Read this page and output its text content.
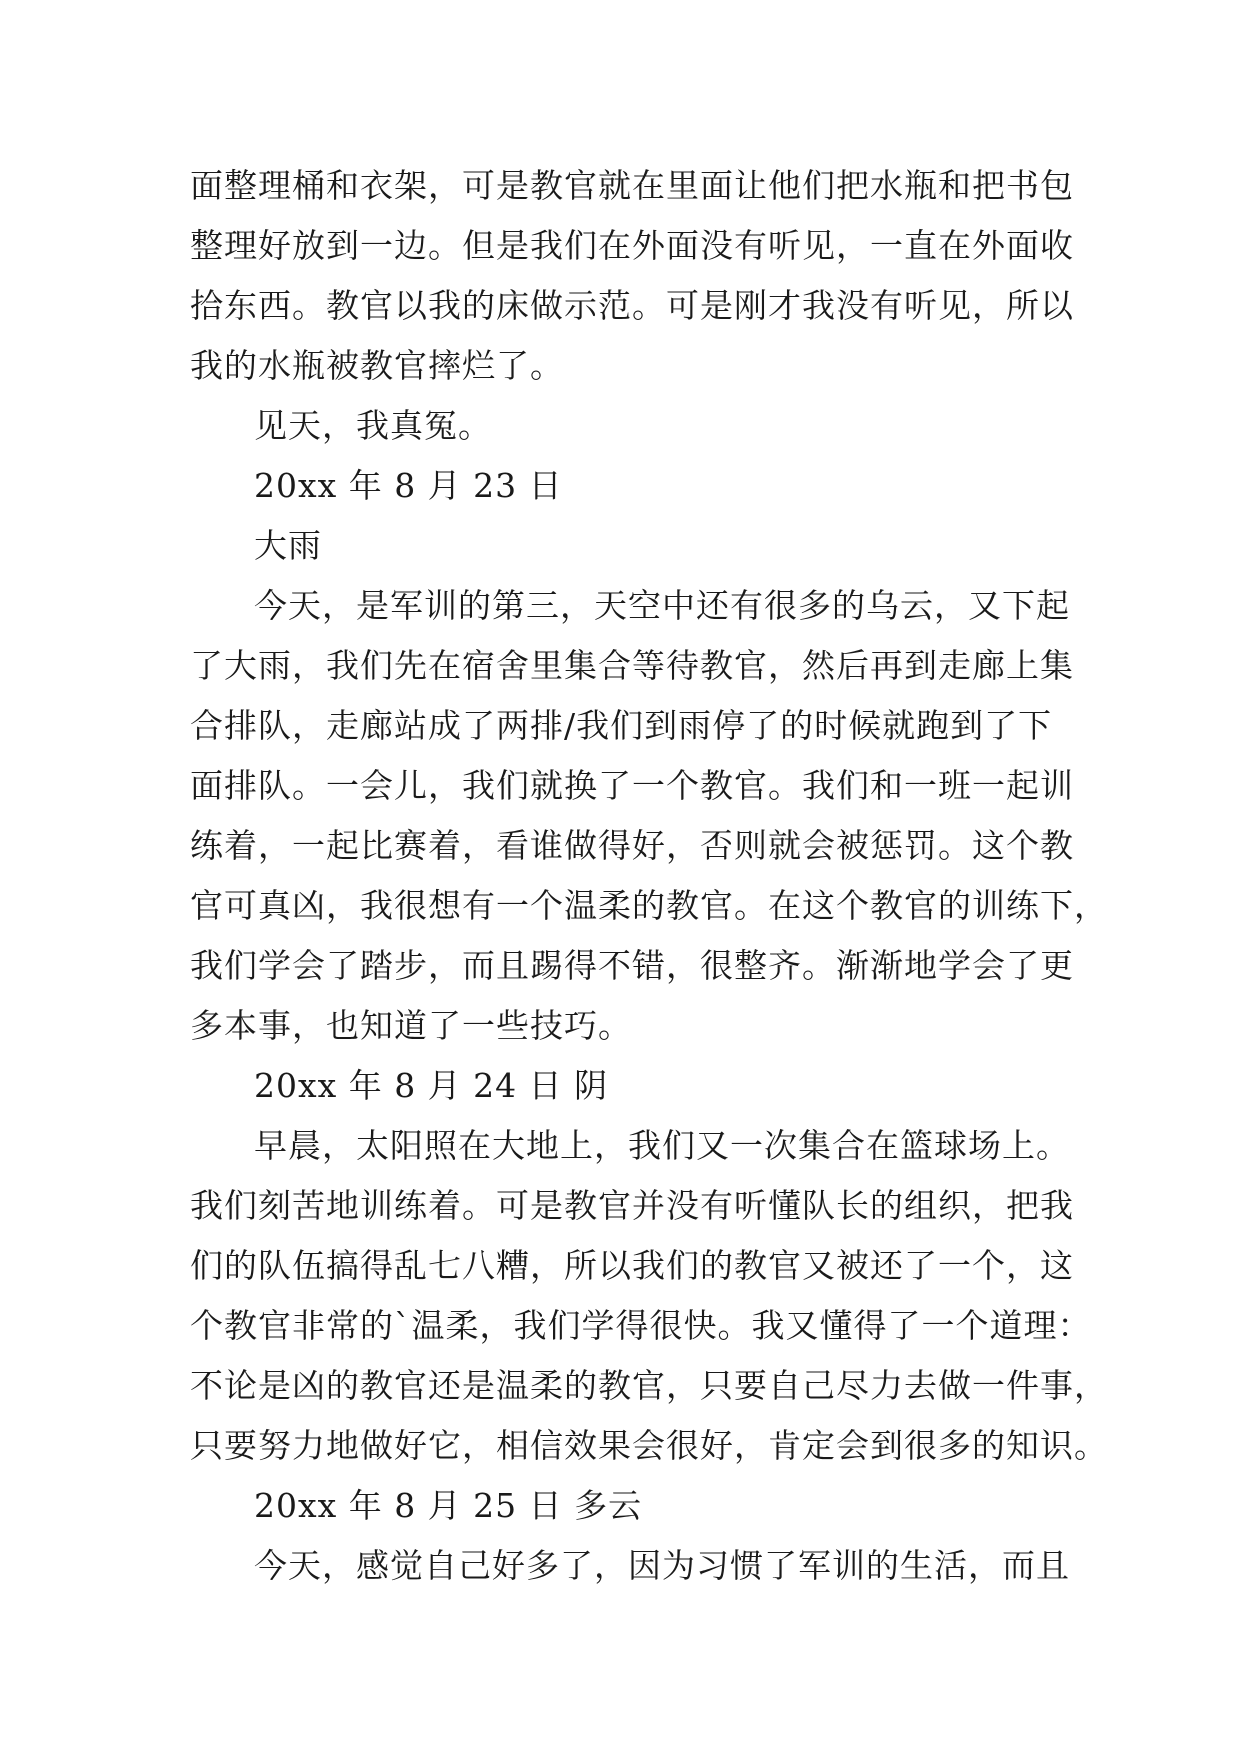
面整理桶和衣架，可是教官就在里面让他们把水瓶和把书包
整理好放到一边。但是我们在外面没有听见，一直在外面收
拾东西。教官以我的床做示范。可是刚才我没有听见，所以
我的水瓶被教官摔烂了。
见天，我真冤。
20xx 年 8 月 23 日
大雨
今天，是军训的第三，天空中还有很多的乌云，又下起
了大雨，我们先在宿舍里集合等待教官，然后再到走廊上集
合排队，走廊站成了两排/我们到雨停了的时候就跑到了下
面排队。一会儿，我们就换了一个教官。我们和一班一起训
练着，一起比赛着，看谁做得好，否则就会被惩罚。这个教
官可真凶，我很想有一个温柔的教官。在这个教官的训练下，
我们学会了踏步，而且踢得不错，很整齐。渐渐地学会了更
多本事，也知道了一些技巧。
20xx 年 8 月 24 日 阴
早晨，太阳照在大地上，我们又一次集合在篮球场上。
我们刻苦地训练着。可是教官并没有听懂队长的组织，把我
们的队伍搞得乱七八糟，所以我们的教官又被还了一个，这
个教官非常的`温柔，我们学得很快。我又懂得了一个道理：
不论是凶的教官还是温柔的教官，只要自己尽力去做一件事，
只要努力地做好它，相信效果会很好，肯定会到很多的知识。
20xx 年 8 月 25 日 多云
今天，感觉自己好多了，因为习惯了军训的生活，而且
